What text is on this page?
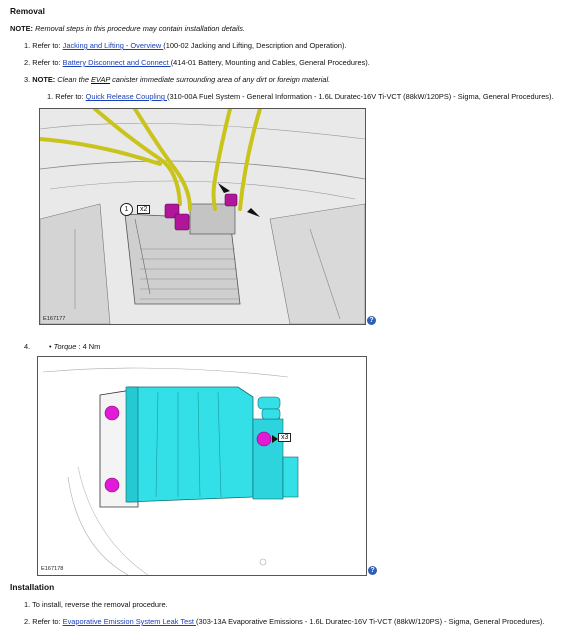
Removal
NOTE: Removal steps in this procedure may contain installation details.
1. Refer to: Jacking and Lifting - Overview (100-02 Jacking and Lifting, Description and Operation).
2. Refer to: Battery Disconnect and Connect (414-01 Battery, Mounting and Cables, General Procedures).
3. NOTE: Clean the EVAP canister immediate surrounding area of any dirt or foreign material.
1. Refer to: Quick Release Coupling (310-00A Fuel System - General Information - 1.6L Duratec-16V Ti-VCT (88kW/120PS) - Sigma, General Procedures).
1 x2
E167177	?
4.	• Torque : 4 Nm
x3
E167178	?
Installation
1. To install, reverse the removal procedure.
2. Refer to: Evaporative Emission System Leak Test (303-13A Evaporative Emissions - 1.6L Duratec-16V Ti-VCT (88kW/120PS) - Sigma, General Procedures).
